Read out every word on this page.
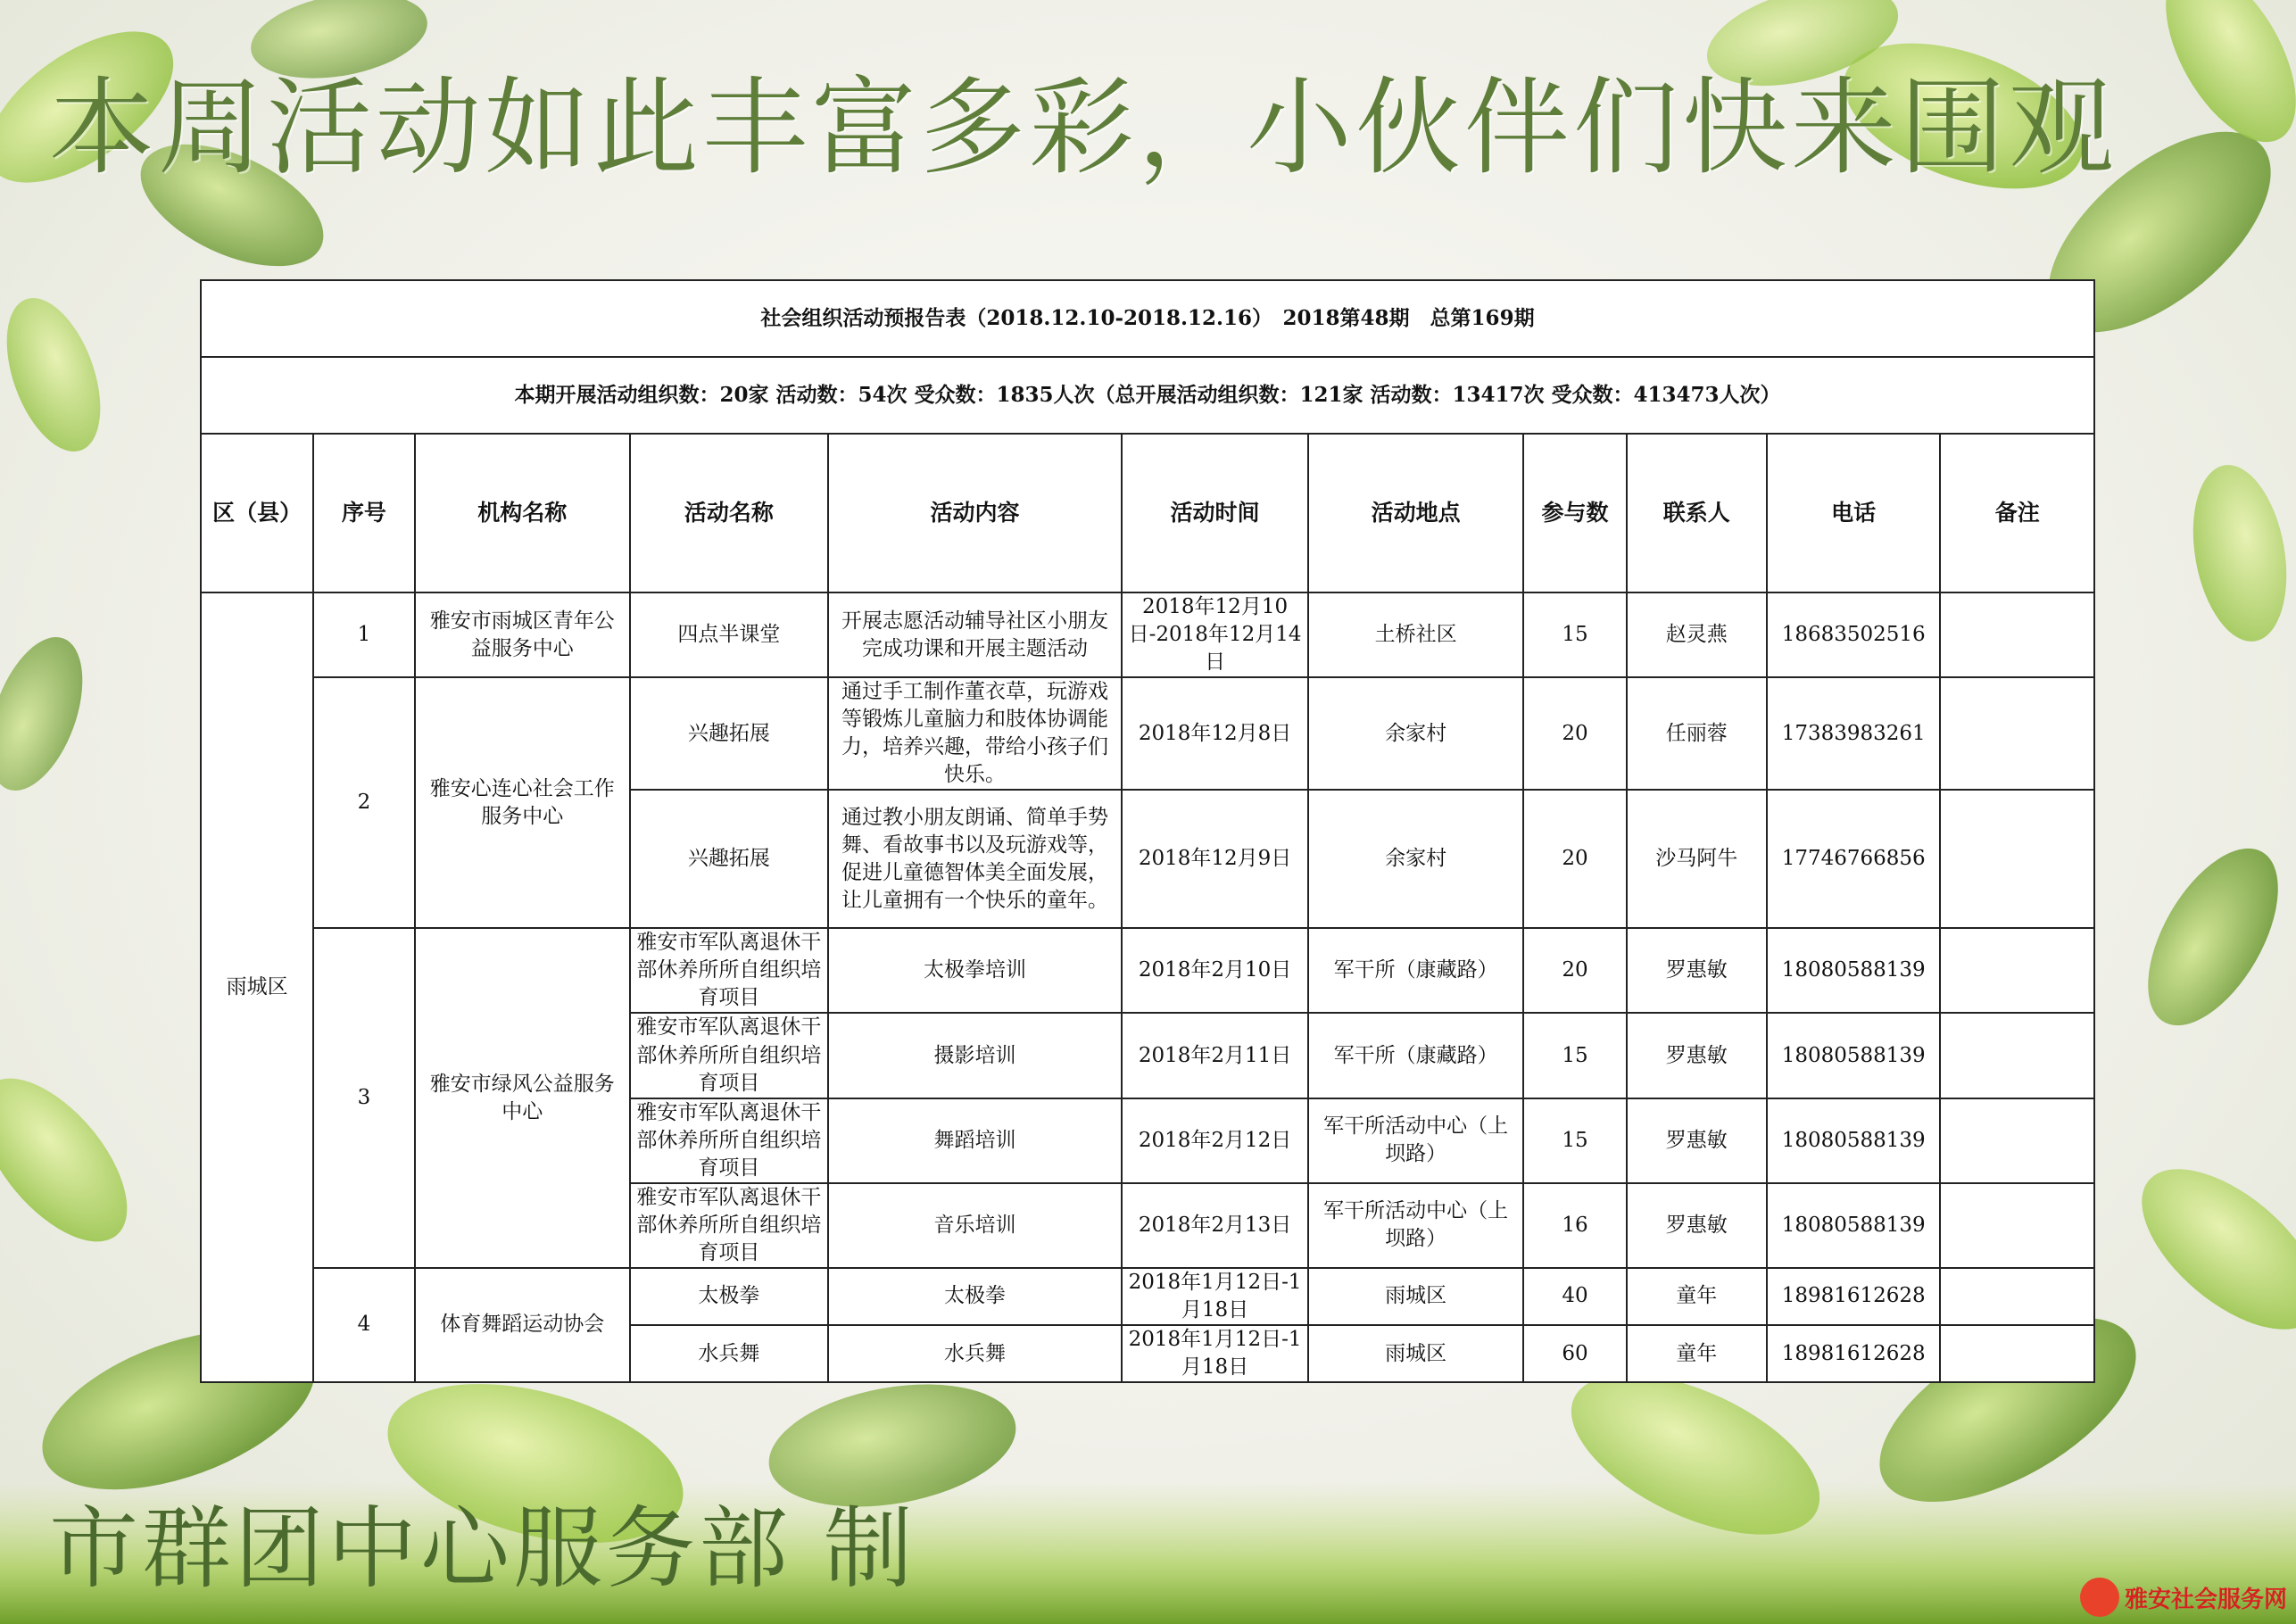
本周活动如此丰富多彩，小伙伴们快来围观
社会组织活动预报告表（2018.12.10-2018.12.16）　2018第48期　总第169期										
本期开展活动组织数：20家 活动数：54次 受众数：1835人次（总开展活动组织数：121家 活动数：13417次 受众数：413473人次）										
区（县）	序号	机构名称	活动名称	活动内容	活动时间	活动地点	参与数	联系人	电话	备注
雨城区	1	雅安市雨城区青年公益服务中心	四点半课堂	开展志愿活动辅导社区小朋友完成功课和开展主题活动	2018年12月10日-2018年12月14日	土桥社区	15	赵灵燕	18683502516	
	2	雅安心连心社会工作服务中心	兴趣拓展	通过手工制作董衣草，玩游戏等锻炼儿童脑力和肢体协调能力，培养兴趣，带给小孩子们快乐。	2018年12月8日	余家村	20	任丽蓉	17383983261	
			兴趣拓展	通过教小朋友朗诵、简单手势舞、看故事书以及玩游戏等，促进儿童德智体美全面发展，让儿童拥有一个快乐的童年。	2018年12月9日	余家村	20	沙马阿牛	17746766856	
	3	雅安市绿风公益服务中心	雅安市军队离退休干部休养所所自组织培育项目	太极拳培训	2018年2月10日	军干所（康藏路）	20	罗惠敏	18080588139	
			雅安市军队离退休干部休养所所自组织培育项目	摄影培训	2018年2月11日	军干所（康藏路）	15	罗惠敏	18080588139	
			雅安市军队离退休干部休养所所自组织培育项目	舞蹈培训	2018年2月12日	军干所活动中心（上坝路）	15	罗惠敏	18080588139	
			雅安市军队离退休干部休养所所自组织培育项目	音乐培训	2018年2月13日	军干所活动中心（上坝路）	16	罗惠敏	18080588139	
	4	体育舞蹈运动协会	太极拳	太极拳	2018年1月12日-1月18日	雨城区	40	童年	18981612628	
			水兵舞	水兵舞	2018年1月12日-1月18日	雨城区	60	童年	18981612628	
市群团中心服务部 制	雅安社会服务网
